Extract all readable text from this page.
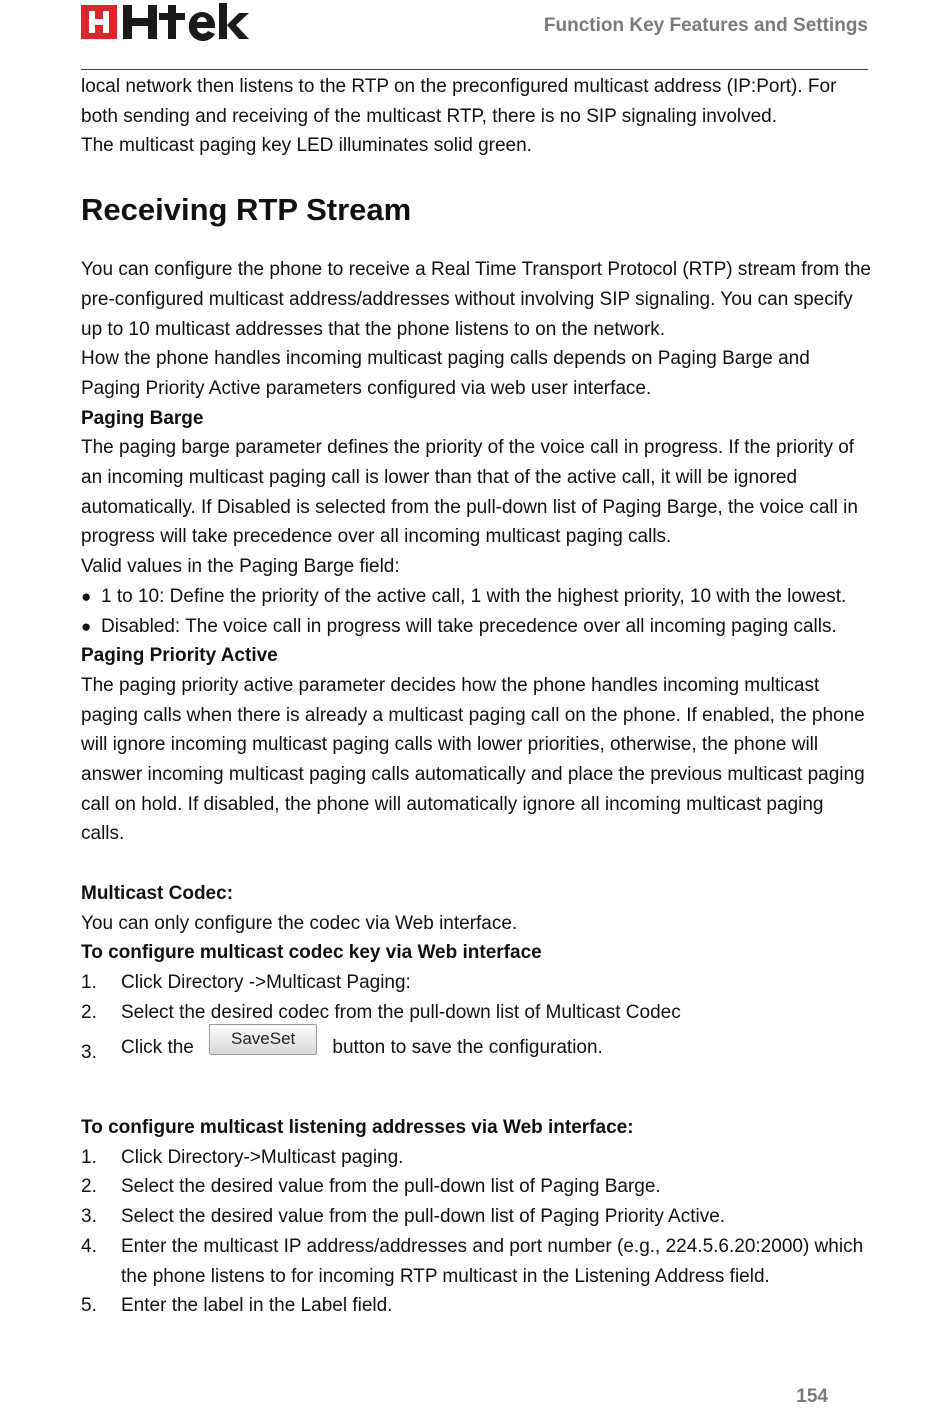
Function Key Features and Settings

local network then listens to the RTP on the preconfigured multicast address (IP:Port). For both sending and receiving of the multicast RTP, there is no SIP signaling involved.

The multicast paging key LED illuminates solid green.

Receiving RTP Stream

You can configure the phone to receive a Real Time Transport Protocol (RTP) stream from the pre-configured multicast address/addresses without involving SIP signaling. You can specify up to 10 multicast addresses that the phone listens to on the network.

How the phone handles incoming multicast paging calls depends on Paging Barge and Paging Priority Active parameters configured via web user interface.

Paging Barge

The paging barge parameter defines the priority of the voice call in progress. If the priority of an incoming multicast paging call is lower than that of the active call, it will be ignored automatically. If Disabled is selected from the pull-down list of Paging Barge, the voice call in progress will take precedence over all incoming multicast paging calls.

Valid values in the Paging Barge field:

● 1 to 10: Define the priority of the active call, 1 with the highest priority, 10 with the lowest.
● Disabled: The voice call in progress will take precedence over all incoming paging calls.

Paging Priority Active

The paging priority active parameter decides how the phone handles incoming multicast paging calls when there is already a multicast paging call on the phone. If enabled, the phone will ignore incoming multicast paging calls with lower priorities, otherwise, the phone will answer incoming multicast paging calls automatically and place the previous multicast paging call on hold. If disabled, the phone will automatically ignore all incoming multicast paging calls.

Multicast Codec:

You can only configure the codec via Web interface.

To configure multicast codec key via Web interface

1.	Click Directory ->Multicast Paging:
2.	Select the desired codec from the pull-down list of Multicast Codec
3.	Click the SaveSet button to save the configuration.

To configure multicast listening addresses via Web interface:

1.	Click Directory->Multicast paging.
2.	Select the desired value from the pull-down list of Paging Barge.
3.	Select the desired value from the pull-down list of Paging Priority Active.
4.	Enter the multicast IP address/addresses and port number (e.g., 224.5.6.20:2000) which the phone listens to for incoming RTP multicast in the Listening Address field.
5.	Enter the label in the Label field.
154
